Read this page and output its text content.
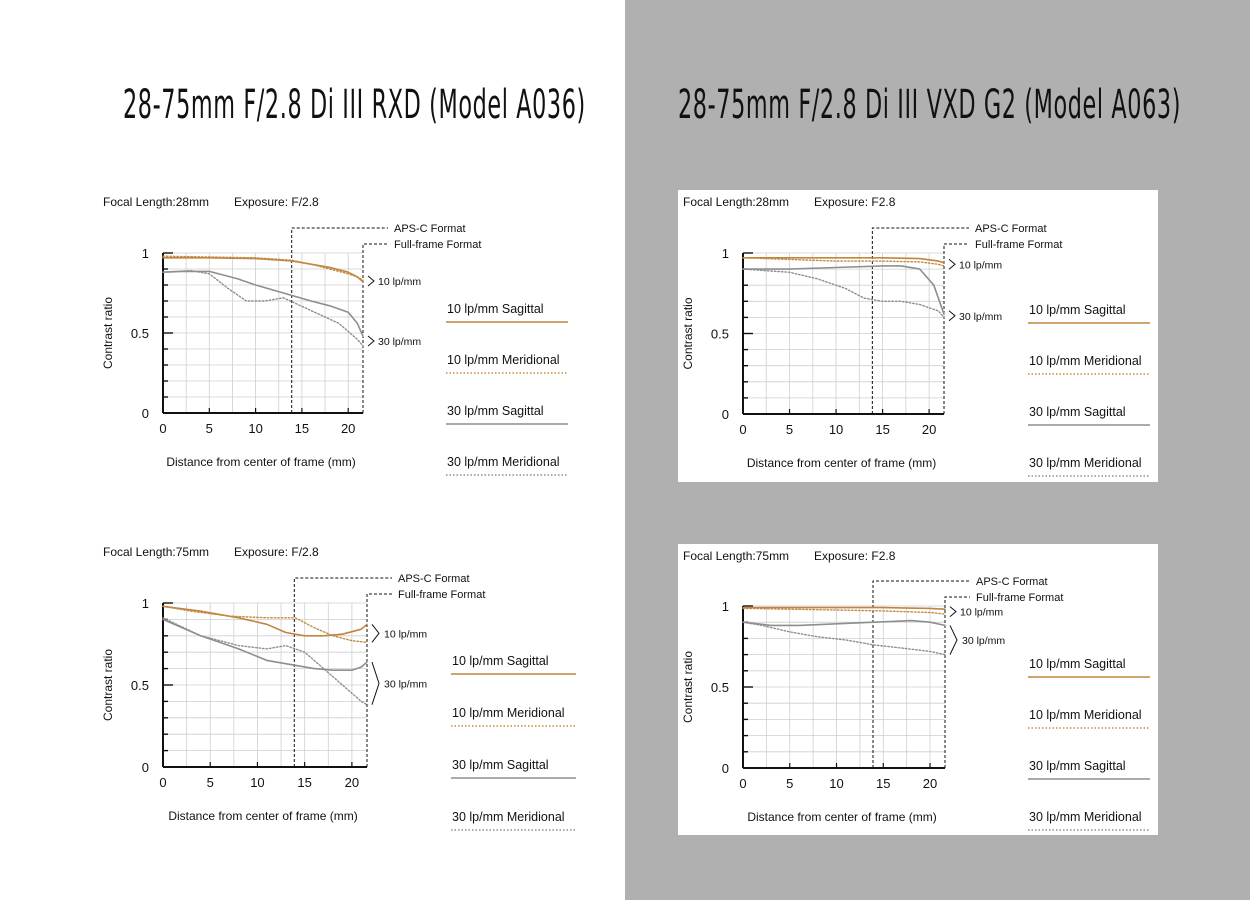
28-75mm F/2.8 Di III RXD (Model A036) 28-75mm F/2.8 Di III VXD G2 (Model A063)
Focal Length:28mm Exposure: F/2.8
0
0.5
1
0	5	10 15 20
Distance from center of frame (mm)
Contrast ratio
APS-C Format
Full-frame Format
10 lp/mm
30 lp/mm
10 lp/mm Sagittal
10 lp/mm Meridional
30 lp/mm Sagittal
30 lp/mm Meridional
Focal Length:28mm Exposure: F2.8
0
0.5
1
0	5	10 15 20
Distance from center of frame (mm)
Contrast ratio
APS-C Format
Full-frame Format
10 lp/mm
30 lp/mm 10 lp/mm Sagittal
10 lp/mm Meridional
30 lp/mm Sagittal
30 lp/mm Meridional
Focal Length:75mm Exposure: F/2.8
0
0.5
1
0	5	10	15	20
Distance from center of frame (mm)
Contrast ratio
APS-C Format
Full-frame Format
10 lp/mm
30 lp/mm
10 lp/mm Sagittal
10 lp/mm Meridional
30 lp/mm Sagittal
30 lp/mm Meridional
Focal Length:75mm Exposure: F2.8
0
0.5
1
0	5	10 15 20
Distance from center of frame (mm)
Contrast ratio
APS-C Format
Full-frame Format
10 lp/mm
30 lp/mm
10 lp/mm Sagittal
10 lp/mm Meridional
30 lp/mm Sagittal
30 lp/mm Meridional
